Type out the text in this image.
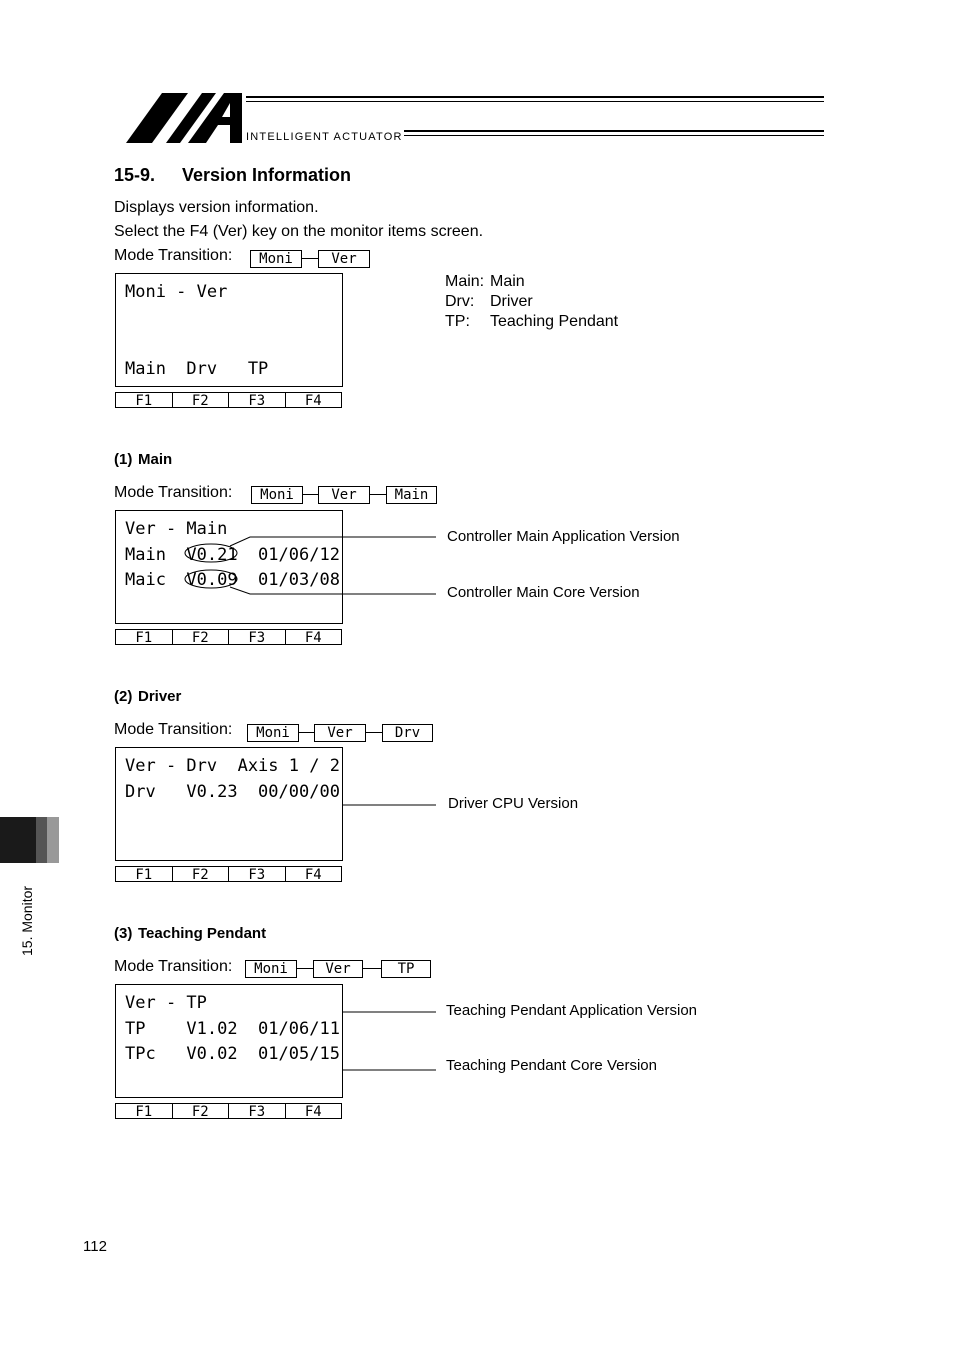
INTELLIGENT ACTUATOR
15-9. Version Information
Displays version information.
Select the F4 (Ver) key on the monitor items screen.
Mode Transition:	Moni	Ver
Moni - Ver
Main  Drv   TP
F1	F2	F3	F4
Main: Main
Drv: Driver
TP: Teaching Pendant
(1) Main
Mode Transition:	Moni	Ver	Main
Ver - Main
Main  V0.21  01/06/12
Maic  V0.09  01/03/08
F1	F2	F3	F4
Controller Main Application Version
Controller Main Core Version
(2) Driver
Mode Transition:	Moni	Ver	Drv
Ver - Drv  Axis 1 / 2
Drv   V0.23  00/00/00
F1	F2	F3	F4
Driver CPU Version
(3) Teaching Pendant
Mode Transition:	Moni	Ver	TP
Ver - TP
TP    V1.02  01/06/11
TPc   V0.02  01/05/15
F1	F2	F3	F4
Teaching Pendant Application Version
Teaching Pendant Core Version
15. Monitor
112
